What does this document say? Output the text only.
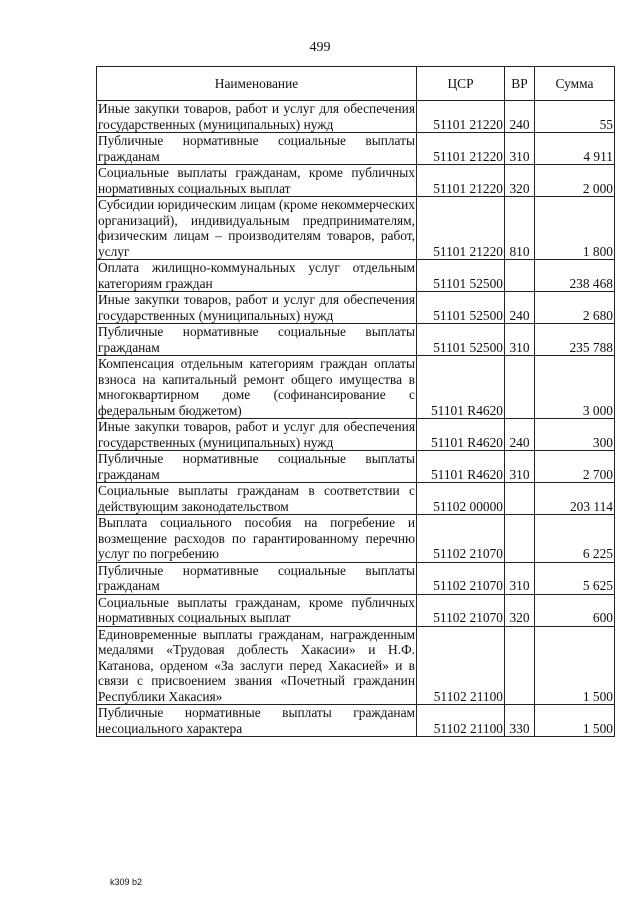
499
Наименование	ЦСР	ВР	Сумма
Иные закупки товаров, работ и услуг для обеспечения государственных (муниципальных) нужд	51101 21220	240	55
Публичные нормативные социальные выплаты гражданам	51101 21220	310	4 911
Социальные выплаты гражданам, кроме публичных нормативных социальных выплат	51101 21220	320	2 000
Субсидии юридическим лицам (кроме некоммерческих организаций), индивидуальным предпринимателям, физическим лицам – производителям товаров, работ, услуг	51101 21220	810	1 800
Оплата жилищно-коммунальных услуг отдельным категориям граждан	51101 52500		238 468
Иные закупки товаров, работ и услуг для обеспечения государственных (муниципальных) нужд	51101 52500	240	2 680
Публичные нормативные социальные выплаты гражданам	51101 52500	310	235 788
Компенсация отдельным категориям граждан оплаты взноса на капитальный ремонт общего имущества в многоквартирном доме (софинансирование с федеральным бюджетом)	51101 R4620		3 000
Иные закупки товаров, работ и услуг для обеспечения государственных (муниципальных) нужд	51101 R4620	240	300
Публичные нормативные социальные выплаты гражданам	51101 R4620	310	2 700
Социальные выплаты гражданам в соответствии с действующим законодательством	51102 00000		203 114
Выплата социального пособия на погребение и возмещение расходов по гарантированному перечню услуг по погребению	51102 21070		6 225
Публичные нормативные социальные выплаты гражданам	51102 21070	310	5 625
Социальные выплаты гражданам, кроме публичных нормативных социальных выплат	51102 21070	320	600
Единовременные выплаты гражданам, награжденным медалями «Трудовая доблесть Хакасии» и Н.Ф. Катанова, орденом «За заслуги перед Хакасией» и в связи с присвоением звания «Почетный гражданин Республики Хакасия»	51102 21100		1 500
Публичные нормативные выплаты гражданам несоциального характера	51102 21100	330	1 500
k309 b2
